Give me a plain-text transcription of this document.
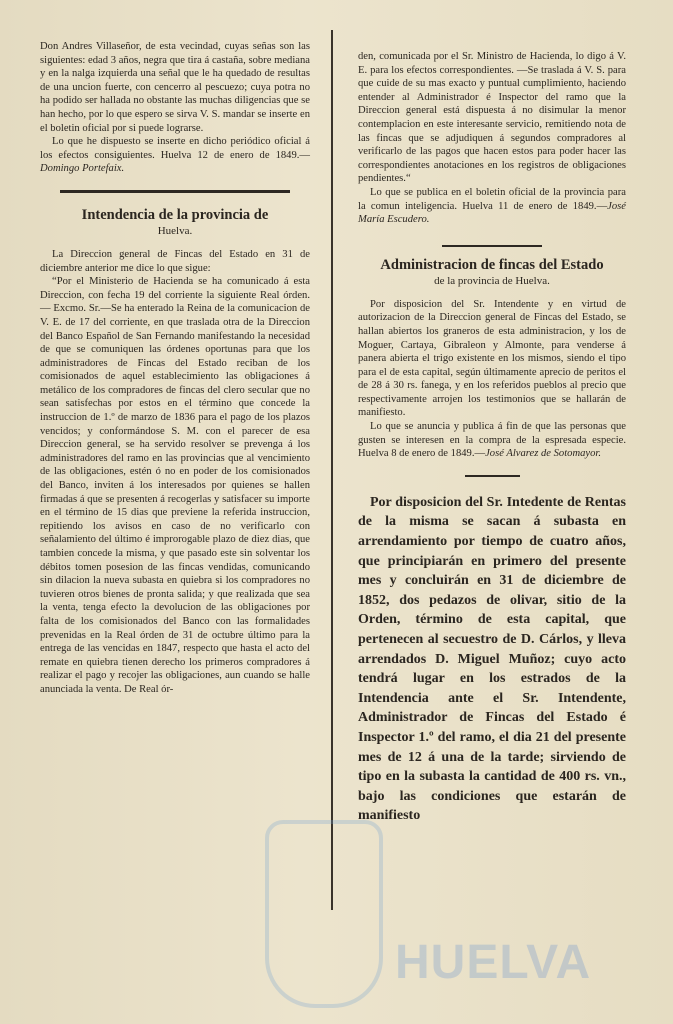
Don Andres Villaseñor, de esta vecindad, cuyas señas son las siguientes: edad 3 años, negra que tira á castaña, sobre mediana y en la nalga izquierda una señal que le ha quedado de resultas de una uncion fuerte, con cencerro al pescuezo; cuya potra no ha podido ser hallada no obstante las muchas diligencias que se han hecho, por lo que espero se sirva V. S. mandar se inserte en el boletin oficial por si puede lograrse.

Lo que he dispuesto se inserte en dicho periódico oficial á los efectos consiguientes. Huelva 12 de enero de 1849.—Domingo Portefaix.

Intendencia de la provincia de
Huelva.

La Direccion general de Fincas del Estado en 31 de diciembre anterior me dice lo que sigue:

“Por el Ministerio de Hacienda se ha comunicado á esta Direccion, con fecha 19 del corriente la siguiente Real órden.— Excmo. Sr.—Se ha enterado la Reina de la comunicacion de V. E. de 17 del corriente, en que traslada otra de la Direccion del Banco Español de San Fernando manifestando la necesidad de que se comuniquen las órdenes oportunas para que los administradores de Fincas del Estado reciban de los comisionados de aquel establecimiento las obligaciones á metálico de los compradores de fincas del clero secular que no sean satisfechas por estos en el término que concede la instruccion de 1.º de marzo de 1836 para el pago de los plazos vencidos; y conformándose S. M. con el parecer de esa Direccion general, se ha servido resolver se prevenga á los administradores del ramo en las provincias que al vencimiento de las obligaciones, estén ó no en poder de los comisionados del Banco, inviten á los interesados por quienes se hallen firmadas á que se presenten á recogerlas y satisfacer su importe en el término de 15 dias que previene la referida instruccion, repitiendo los avisos en caso de no verificarlo con señalamiento del último é improrogable plazo de diez dias, que tambien concede la misma, y que pasado este sin solventar los débitos tomen posesion de las fincas vendidas, comunicando sin dilacion la nueva subasta en quiebra si los compradores no tuvieren otros bienes de pronta salida; y que realizada que sea la venta, tenga efecto la devolucion de las obligaciones por falta de los comisionados del Banco con las formalidades prevenidas en la Real órden de 31 de octubre último para la entrega de las vencidas en 1847, respecto que hasta el acto del remate en quiebra tienen derecho los primeros compradores á realizar el pago y recojer las obligaciones, aun cuando se halle anunciada la venta. De Real ór-

den, comunicada por el Sr. Ministro de Hacienda, lo digo á V. E. para los efectos correspondientes. —Se traslada á V. S. para que cuide de su mas exacto y puntual cumplimiento, haciendo entender al Administrador é Inspector del ramo que la Direccion general está dispuesta á no disimular la menor contemplacion en este interesante servicio, remitiendo nota de las fincas que se adjudiquen á segundos compradores al verificarlo de las pagos que hacen estos para poder hacer las correspondientes anotaciones en los registros de obligaciones pendientes.“

Lo que se publica en el boletin oficial de la provincia para la comun inteligencia. Huelva 11 de enero de 1849.—José María Escudero.

Administracion de fincas del Estado
de la provincia de Huelva.

Por disposicion del Sr. Intendente y en virtud de autorizacion de la Direccion general de Fincas del Estado, se hallan abiertos los graneros de esta administracion, y los de Moguer, Cartaya, Gibraleon y Almonte, para venderse á panera abierta el trigo existente en los mismos, siendo el tipo para el de esta capital, según últimamente aprecio de peritos el de 28 á 30 rs. fanega, y en los referidos pueblos al precio que respectivamente arrojen los testimonios que se hallarán de manifiesto.

Lo que se anuncia y publica á fin de que las personas que gusten se interesen en la compra de la espresada especie. Huelva 8 de enero de 1849.—José Alvarez de Sotomayor.

Por disposicion del Sr. Intedente de Rentas de la misma se sacan á subasta en arrendamiento por tiempo de cuatro años, que principiarán en primero del presente mes y concluirán en 31 de diciembre de 1852, dos pedazos de olivar, sitio de la Orden, término de esta capital, que pertenecen al secuestro de D. Cárlos, y lleva arrendados D. Miguel Muñoz; cuyo acto tendrá lugar en los estrados de la Intendencia ante el Sr. Intendente, Administrador de Fincas del Estado é Inspector 1.º del ramo, el dia 21 del presente mes de 12 á una de la tarde; sirviendo de tipo en la subasta la cantidad de 400 rs. vn., bajo las condiciones que estarán de manifiesto

HUELVA
